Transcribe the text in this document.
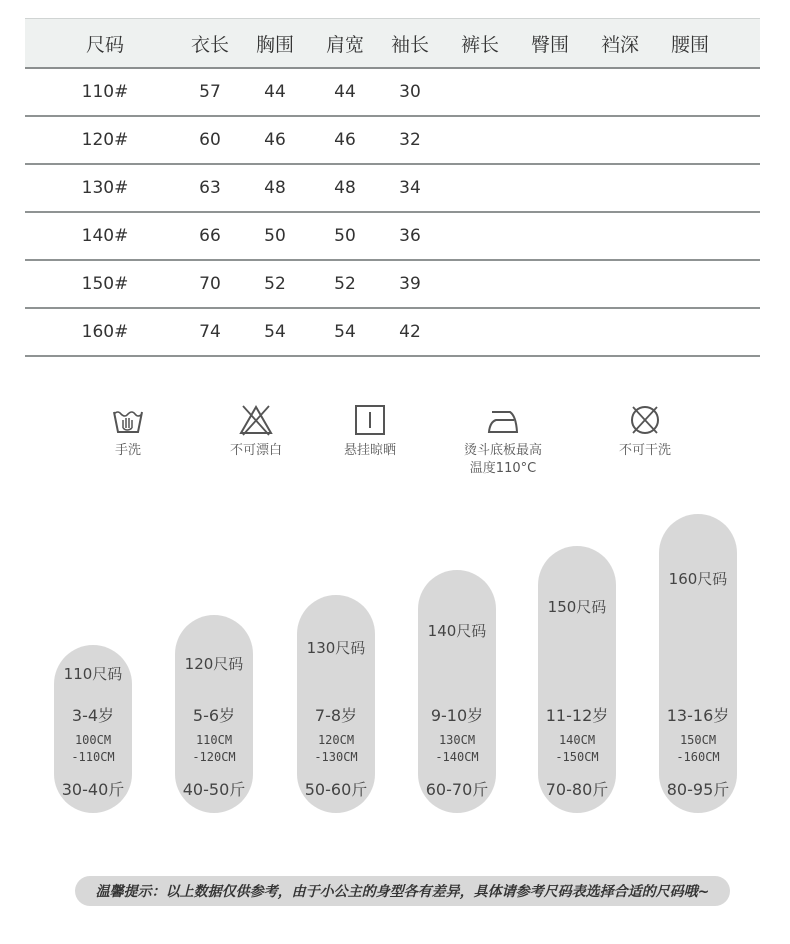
尺码	衣长	胸围	肩宽	袖长	裤长	臀围	裆深	腰围
110#	57	44	44	30
120#	60	46	46	32
130#	63	48	48	34
140#	66	50	50	36
150#	70	52	52	39
160#	74	54	54	42
手洗	不可漂白	悬挂晾晒	烫斗底板最高
温度110°C
不可干洗
110尺码
3-4岁
100CM
-110CM
30-40斤
120尺码
5-6岁
110CM
-120CM
40-50斤
130尺码
7-8岁
120CM
-130CM
50-60斤
140尺码
9-10岁
130CM
-140CM
60-70斤
150尺码
11-12岁
140CM
-150CM
70-80斤
160尺码
13-16岁
150CM
-160CM
80-95斤
温馨提示：以上数据仅供参考，由于小公主的身型各有差异，具体请参考尺码表选择合适的尺码哦~
